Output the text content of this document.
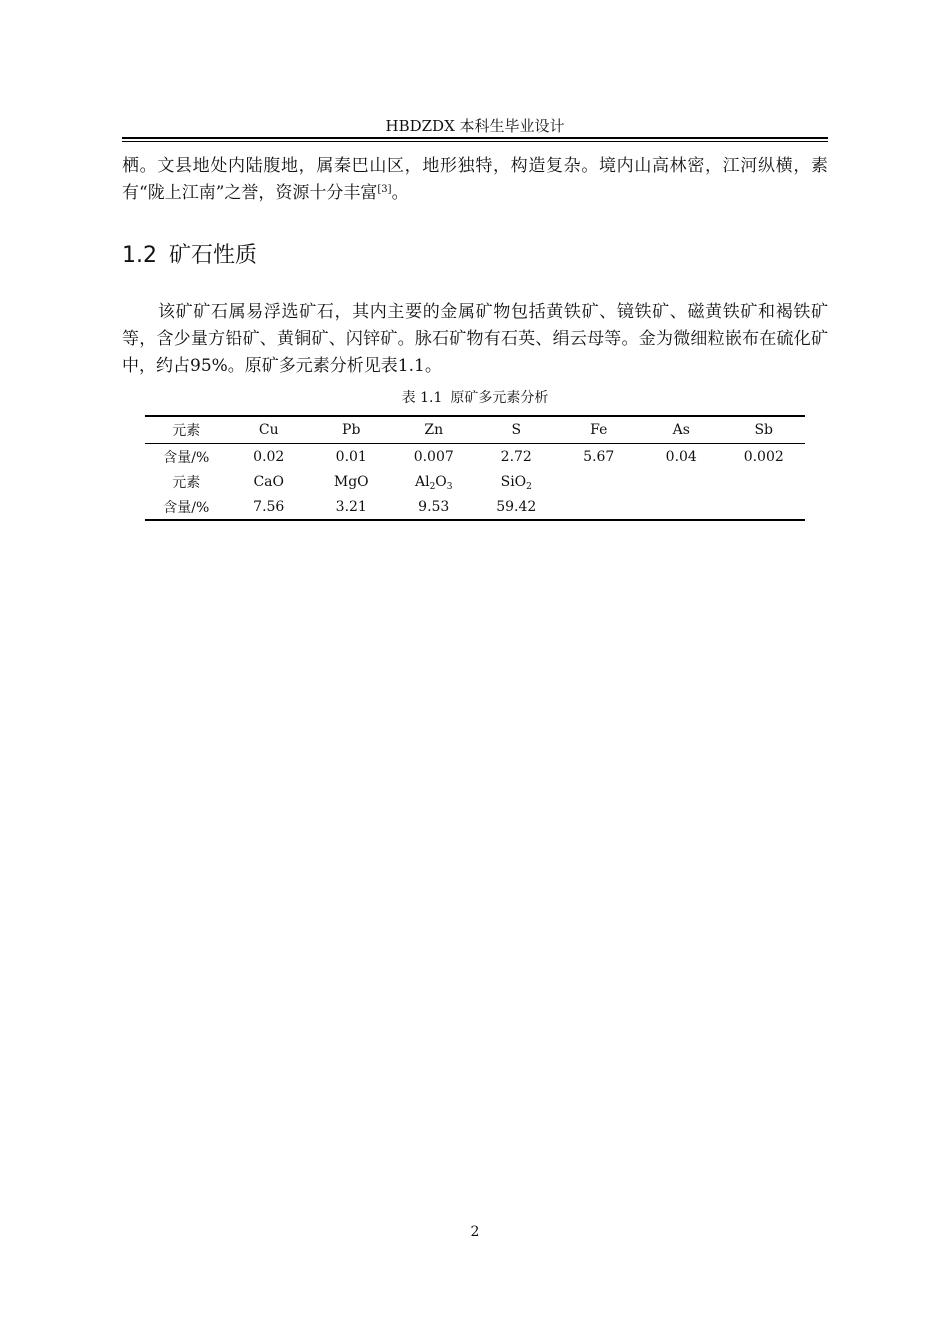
HBDZDX 本科生毕业设计

栖。文县地处内陆腹地，属秦巴山区，地形独特，构造复杂。境内山高林密，江河纵横，素有“陇上江南”之誉，资源十分丰富[3]。

1.2 矿石性质

该矿矿石属易浮选矿石，其内主要的金属矿物包括黄铁矿、镜铁矿、磁黄铁矿和褐铁矿等，含少量方铅矿、黄铜矿、闪锌矿。脉石矿物有石英、绢云母等。金为微细粒嵌布在硫化矿中，约占95%。原矿多元素分析见表1.1。

表 1.1 原矿多元素分析
元素	Cu	Pb	Zn	S	Fe	As	Sb
含量/%	0.02	0.01	0.007	2.72	5.67	0.04	0.002
元素	CaO	MgO	$Al_2O_3$	SiO$_2$			
含量/%	7.56	3.21	9.53	59.42			
2
